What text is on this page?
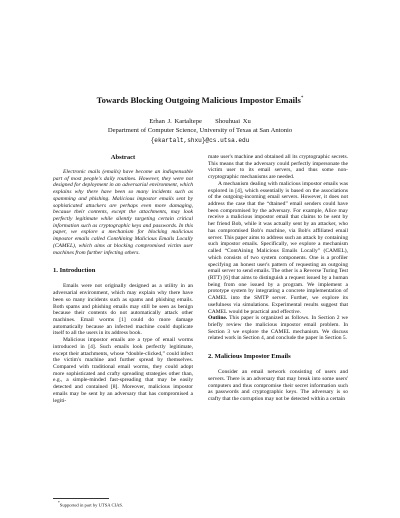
Towards Blocking Outgoing Malicious Impostor Emails*
Erhan J. Kartaltepe     Shouhuai Xu
Department of Computer Science, University of Texas at San Antonio
{ekartalt,shxu}@cs.utsa.edu
Abstract

Electronic mails (emails) have become an indispensable part of most people's daily routines. However, they were not designed for deployment in an adversarial environment, which explains why there have been so many incidents such as spamming and phishing. Malicious impostor emails sent by sophisticated attackers are perhaps even more damaging, because their contents, except the attachments, may look perfectly legitimate while silently targeting certain critical information such as cryptographic keys and passwords. In this paper, we explore a mechanism for blocking malicious impostor emails called ContAining Malicious Emails Locally (CAMEL), which aims at blocking compromised victim user machines from further infecting others.

1. Introduction

Emails were not originally designed as a utility in an adversarial environment, which may explain why there have been so many incidents such as spams and phishing emails. Both spams and phishing emails may still be seen as benign because their contents do not automatically attack other machines. Email worms [1] could do more damage automatically because an infected machine could duplicate itself to all the users in its address book.

Malicious impostor emails are a type of email worms introduced in [4]. Such emails look perfectly legitimate, except their attachments, whose “double-clicked,” could infect the victim's machine and further spread by themselves. Compared with traditional email worms, they could adopt more sophisticated and crafty spreading strategies other than, e.g., a simple-minded fast-spreading that may be easily detected and contained [8]. Moreover, malicious impostor emails may be sent by an adversary that has compromised a legiti-

mate user's machine and obtained all its cryptographic secrets. This means that the adversary could perfectly impersonate the victim user to its email servers, and thus some non-cryptographic mechanisms are needed.

A mechanism dealing with malicious impostor emails was explored in [4], which essentially is based on the associations of the outgoing-incoming email servers. However, it does not address the case that the “dtained” email senders could have been compromised by the adversary. For example, Alice may receive a malicious impostor email that claims to be sent by her friend Bob, while it was actually sent by an attacker, who has compromised Bob's machine, via Bob's affiliated email server. This paper aims to address such an attack by containing such impostor emails. Specifically, we explore a mechanism called “ContAining Malicious Emails Locally” (CAMEL), which consists of two system components. One is a profiler specifying an honest user's pattern of requesting an outgoing email server to send emails. The other is a Reverse Turing Test (RTT) [6] that aims to distinguish a request issued by a human being from one issued by a program. We implement a prototype system by integrating a concrete implementation of CAMEL into the SMTP server. Further, we explore its usefulness via simulations. Experimental results suggest that CAMEL would be practical and effective.

Outline. This paper is organized as follows. In Section 2 we briefly review the malicious impostor email problem. In Section 3 we explore the CAMEL mechanism. We discuss related work in Section 4, and conclude the paper in Section 5.

2. Malicious Impostor Emails

Consider an email network consisting of users and servers. There is an adversary that may break into some users' computers and thus compromise their secret information such as passwords and cryptographic keys. The adversary is so crafty that the corruption may not be detected within a certain

*Supported in part by UTSA CIAS.
